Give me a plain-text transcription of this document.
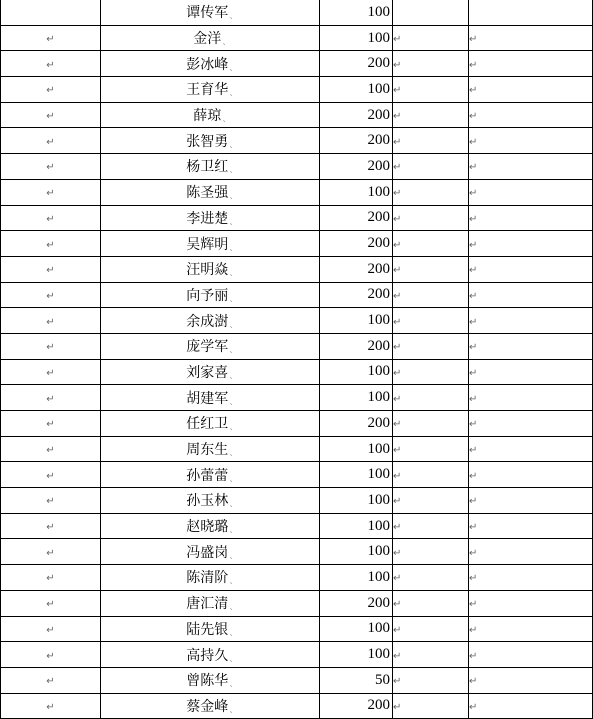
	谭传军ˎ	100		
↵	金洋ˎ	100	↵	↵
↵	彭冰峰ˎ	200	↵	↵
↵	王育华ˎ	100	↵	↵
↵	薛琼ˎ	200	↵	↵
↵	张智勇ˎ	200	↵	↵
↵	杨卫红ˎ	200	↵	↵
↵	陈圣强ˎ	100	↵	↵
↵	李进楚ˎ	200	↵	↵
↵	吴辉明ˎ	200	↵	↵
↵	汪明焱ˎ	200	↵	↵
↵	向予丽ˎ	200	↵	↵
↵	余成澍ˎ	100	↵	↵
↵	庞学军ˎ	200	↵	↵
↵	刘家喜ˎ	100	↵	↵
↵	胡建军ˎ	100	↵	↵
↵	任红卫ˎ	200	↵	↵
↵	周东生ˎ	100	↵	↵
↵	孙蕾蕾ˎ	100	↵	↵
↵	孙玉林ˎ	100	↵	↵
↵	赵晓璐ˎ	100	↵	↵
↵	冯盛岗ˎ	100	↵	↵
↵	陈清阶ˎ	100	↵	↵
↵	唐汇清ˎ	200	↵	↵
↵	陆先银ˎ	100	↵	↵
↵	高持久ˎ	100	↵	↵
↵	曾陈华ˎ	50	↵	↵
↵	蔡金峰ˎ	200	↵	↵
